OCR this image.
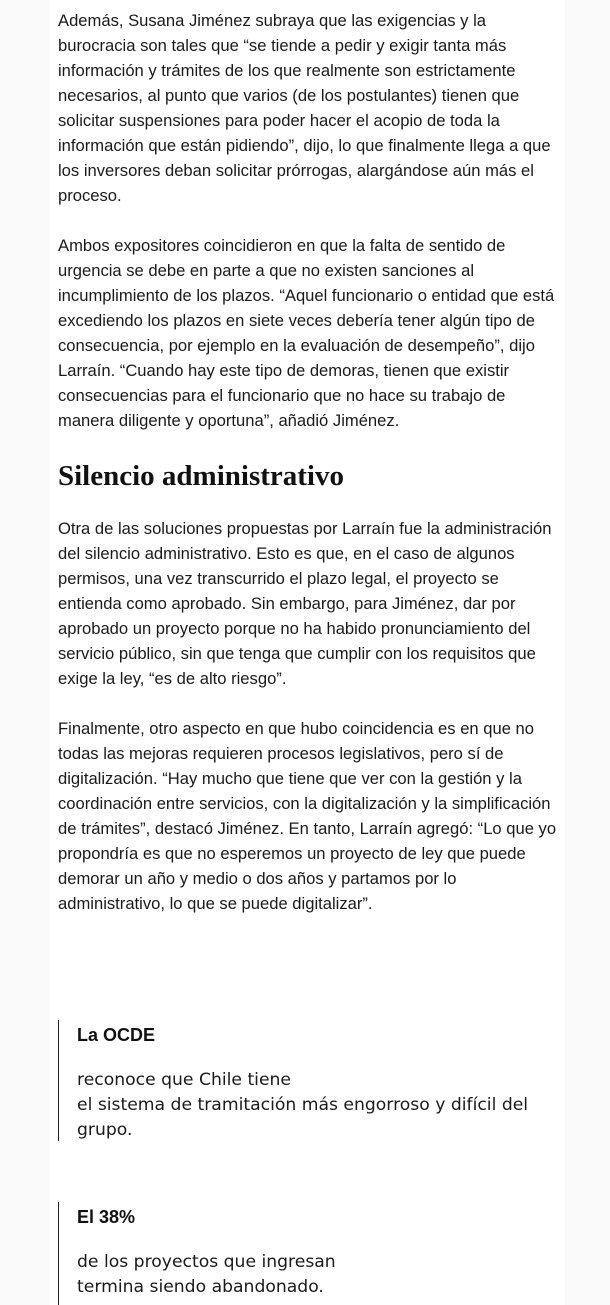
Además, Susana Jiménez subraya que las exigencias y la burocracia son tales que “se tiende a pedir y exigir tanta más información y trámites de los que realmente son estrictamente necesarios, al punto que varios (de los postulantes) tienen que solicitar suspensiones para poder hacer el acopio de toda la información que están pidiendo”, dijo, lo que finalmente llega a que los inversores deban solicitar prórrogas, alargándose aún más el proceso.

Ambos expositores coincidieron en que la falta de sentido de urgencia se debe en parte a que no existen sanciones al incumplimiento de los plazos. “Aquel funcionario o entidad que está excediendo los plazos en siete veces debería tener algún tipo de consecuencia, por ejemplo en la evaluación de desempeño”, dijo Larraín. “Cuando hay este tipo de demoras, tienen que existir consecuencias para el funcionario que no hace su trabajo de manera diligente y oportuna”, añadió Jiménez.

Silencio administrativo

Otra de las soluciones propuestas por Larraín fue la administración del silencio administrativo. Esto es que, en el caso de algunos permisos, una vez transcurrido el plazo legal, el proyecto se entienda como aprobado. Sin embargo, para Jiménez, dar por aprobado un proyecto porque no ha habido pronunciamiento del servicio público, sin que tenga que cumplir con los requisitos que exige la ley, “es de alto riesgo”.

Finalmente, otro aspecto en que hubo coincidencia es en que no todas las mejoras requieren procesos legislativos, pero sí de digitalización. “Hay mucho que tiene que ver con la gestión y la coordinación entre servicios, con la digitalización y la simplificación de trámites”, destacó Jiménez. En tanto, Larraín agregó: “Lo que yo propondría es que no esperemos un proyecto de ley que puede demorar un año y medio o dos años y partamos por lo administrativo, lo que se puede digitalizar”.

La OCDE

reconoce que Chile tiene
el sistema de tramitación más engorroso y difícil del
grupo.

El 38%

de los proyectos que ingresan
termina siendo abandonado.
